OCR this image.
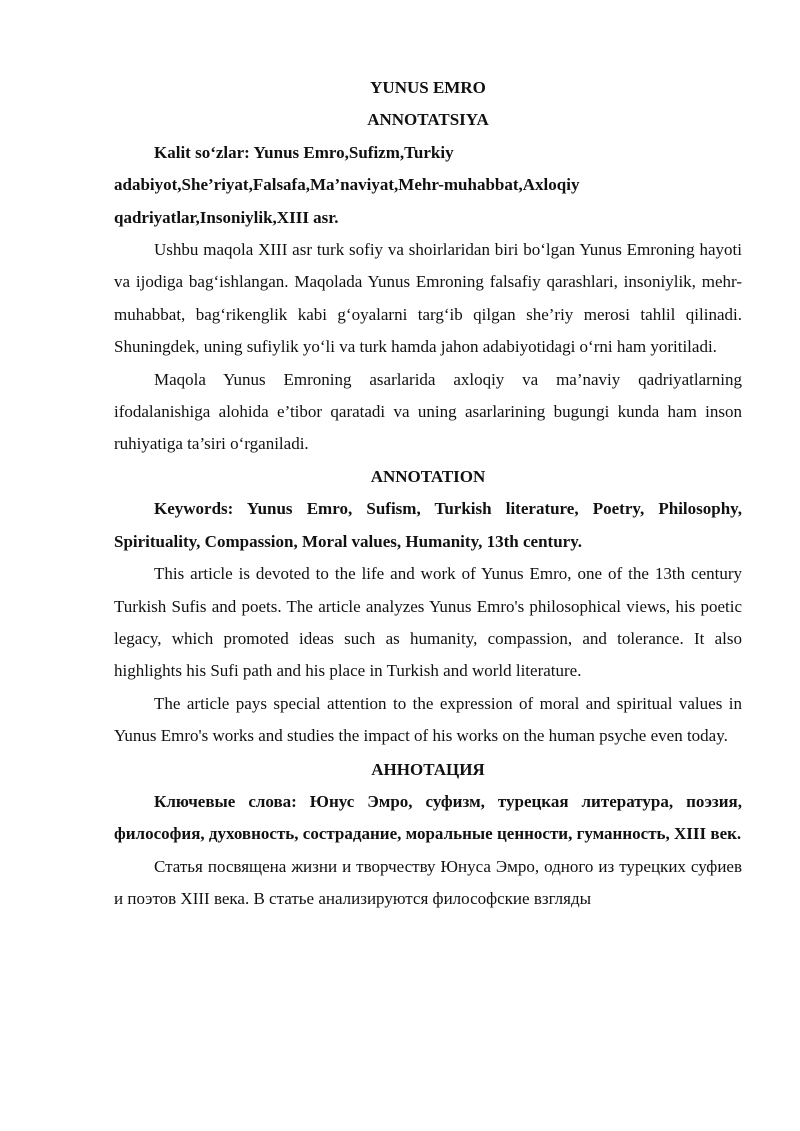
YUNUS EMRO

ANNOTATSIYA

Kalit so‘zlar: Yunus Emro,Sufizm,Turkiy adabiyot,She’riyat,Falsafa,Ma’naviyat,Mehr-muhabbat,Axloqiy qadriyatlar,Insoniylik,XIII asr.

Ushbu maqola XIII asr turk sofiy va shoirlaridan biri bo‘lgan Yunus Emroning hayoti va ijodiga bag‘ishlangan. Maqolada Yunus Emroning falsafiy qarashlari, insoniylik, mehr-muhabbat, bag‘rikenglik kabi g‘oyalarni targ‘ib qilgan she’riy merosi tahlil qilinadi. Shuningdek, uning sufiylik yo‘li va turk hamda jahon adabiyotidagi o‘rni ham yoritiladi.

Maqola Yunus Emroning asarlarida axloqiy va ma’naviy qadriyatlarning ifodalanishiga alohida e’tibor qaratadi va uning asarlarining bugungi kunda ham inson ruhiyatiga ta’siri o‘rganiladi.

ANNOTATION

Keywords: Yunus Emro, Sufism, Turkish literature, Poetry, Philosophy, Spirituality, Compassion, Moral values, Humanity, 13th century.

This article is devoted to the life and work of Yunus Emro, one of the 13th century Turkish Sufis and poets. The article analyzes Yunus Emro's philosophical views, his poetic legacy, which promoted ideas such as humanity, compassion, and tolerance. It also highlights his Sufi path and his place in Turkish and world literature.

The article pays special attention to the expression of moral and spiritual values in Yunus Emro's works and studies the impact of his works on the human psyche even today.

АННОТАЦИЯ

Ключевые слова: Юнус Эмро, суфизм, турецкая литература, поэзия, философия, духовность, сострадание, моральные ценности, гуманность, XIII век.

Статья посвящена жизни и творчеству Юнуса Эмро, одного из турецких суфиев и поэтов XIII века. В статье анализируются философские взгляды
